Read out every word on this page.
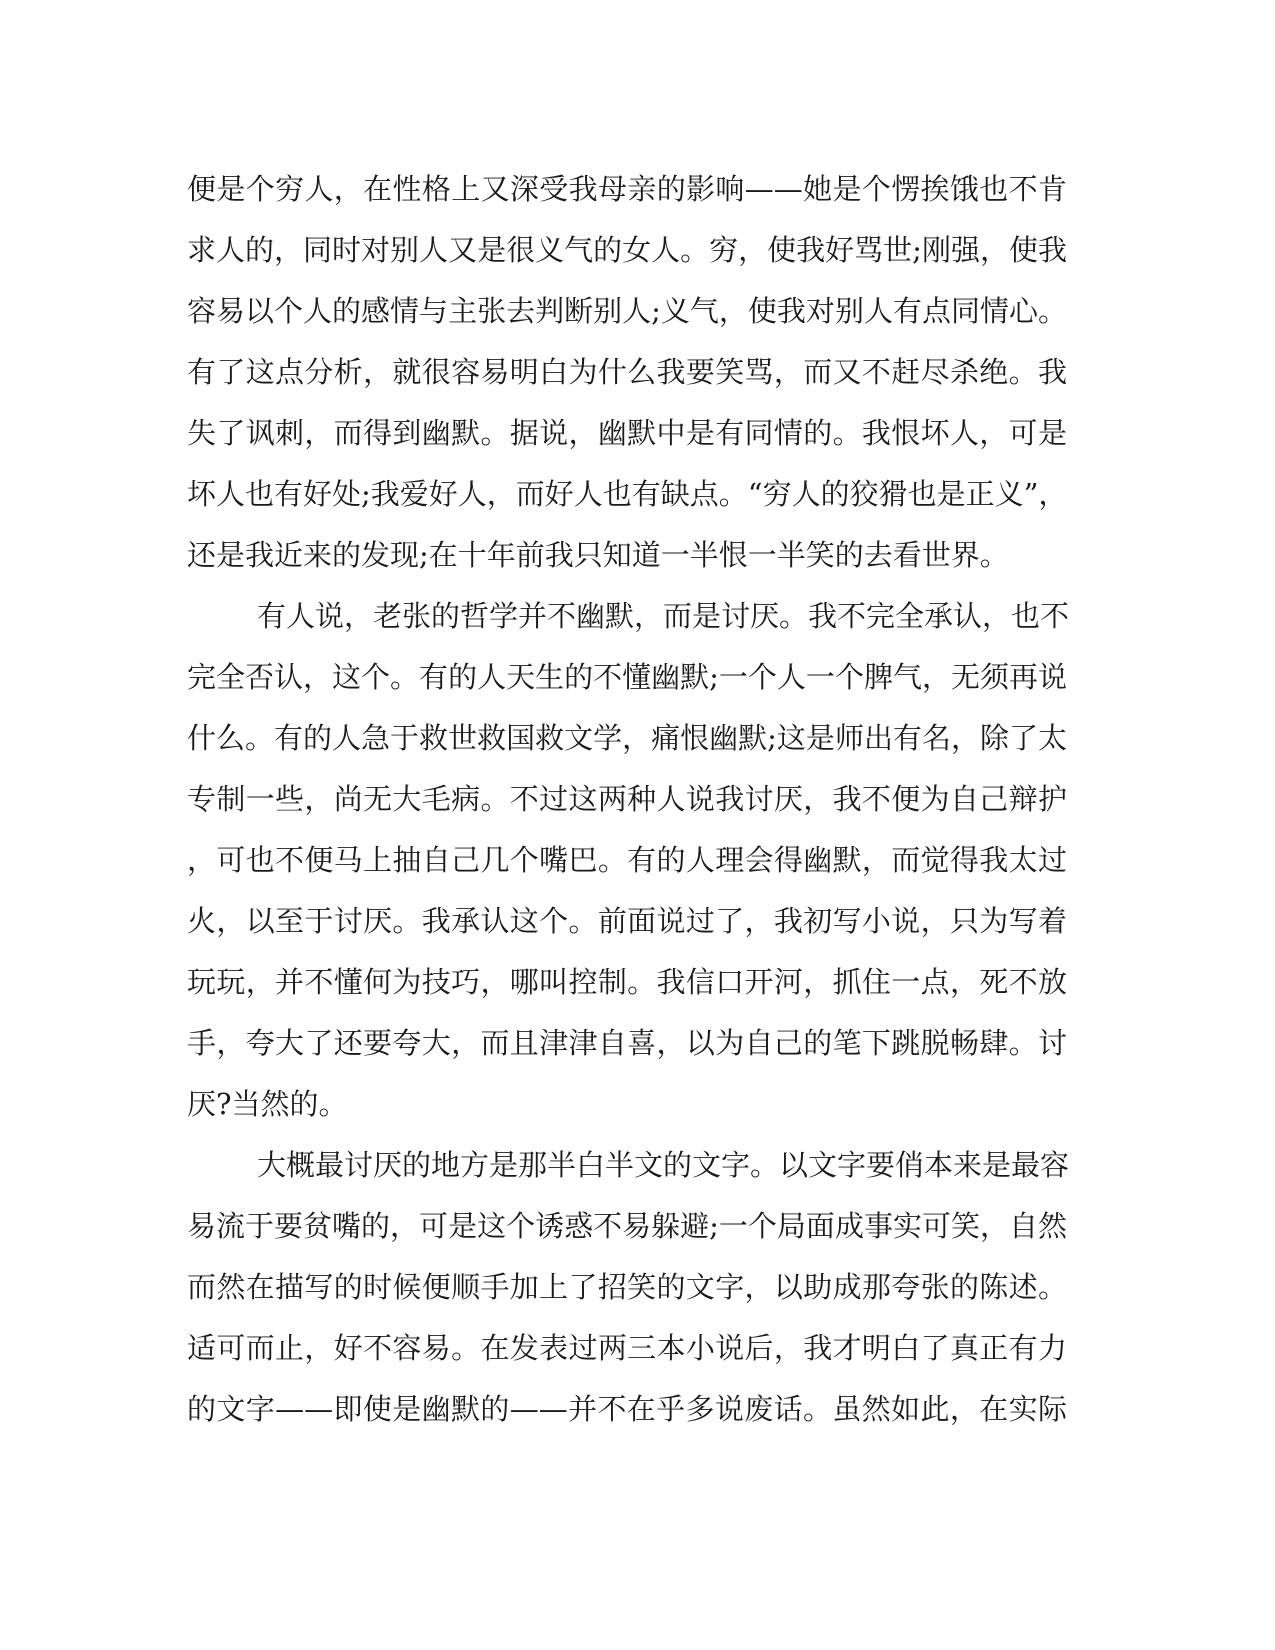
便是个穷人，在性格上又深受我母亲的影响——她是个愣挨饿也不肯
求人的，同时对别人又是很义气的女人。穷，使我好骂世;刚强，使我
容易以个人的感情与主张去判断别人;义气，使我对别人有点同情心。
有了这点分析，就很容易明白为什么我要笑骂，而又不赶尽杀绝。我
失了讽刺，而得到幽默。据说，幽默中是有同情的。我恨坏人，可是
坏人也有好处;我爱好人，而好人也有缺点。“穷人的狡猾也是正义”，
还是我近来的发现;在十年前我只知道一半恨一半笑的去看世界。
有人说，老张的哲学并不幽默，而是讨厌。我不完全承认，也不
完全否认，这个。有的人天生的不懂幽默;一个人一个脾气，无须再说
什么。有的人急于救世救国救文学，痛恨幽默;这是师出有名，除了太
专制一些，尚无大毛病。不过这两种人说我讨厌，我不便为自己辩护
，可也不便马上抽自己几个嘴巴。有的人理会得幽默，而觉得我太过
火，以至于讨厌。我承认这个。前面说过了，我初写小说，只为写着
玩玩，并不懂何为技巧，哪叫控制。我信口开河，抓住一点，死不放
手，夸大了还要夸大，而且津津自喜，以为自己的笔下跳脱畅肆。讨
厌?当然的。
大概最讨厌的地方是那半白半文的文字。以文字要俏本来是最容
易流于要贫嘴的，可是这个诱惑不易躲避;一个局面成事实可笑，自然
而然在描写的时候便顺手加上了招笑的文字，以助成那夸张的陈述。
适可而止，好不容易。在发表过两三本小说后，我才明白了真正有力
的文字——即使是幽默的——并不在乎多说废话。虽然如此，在实际
